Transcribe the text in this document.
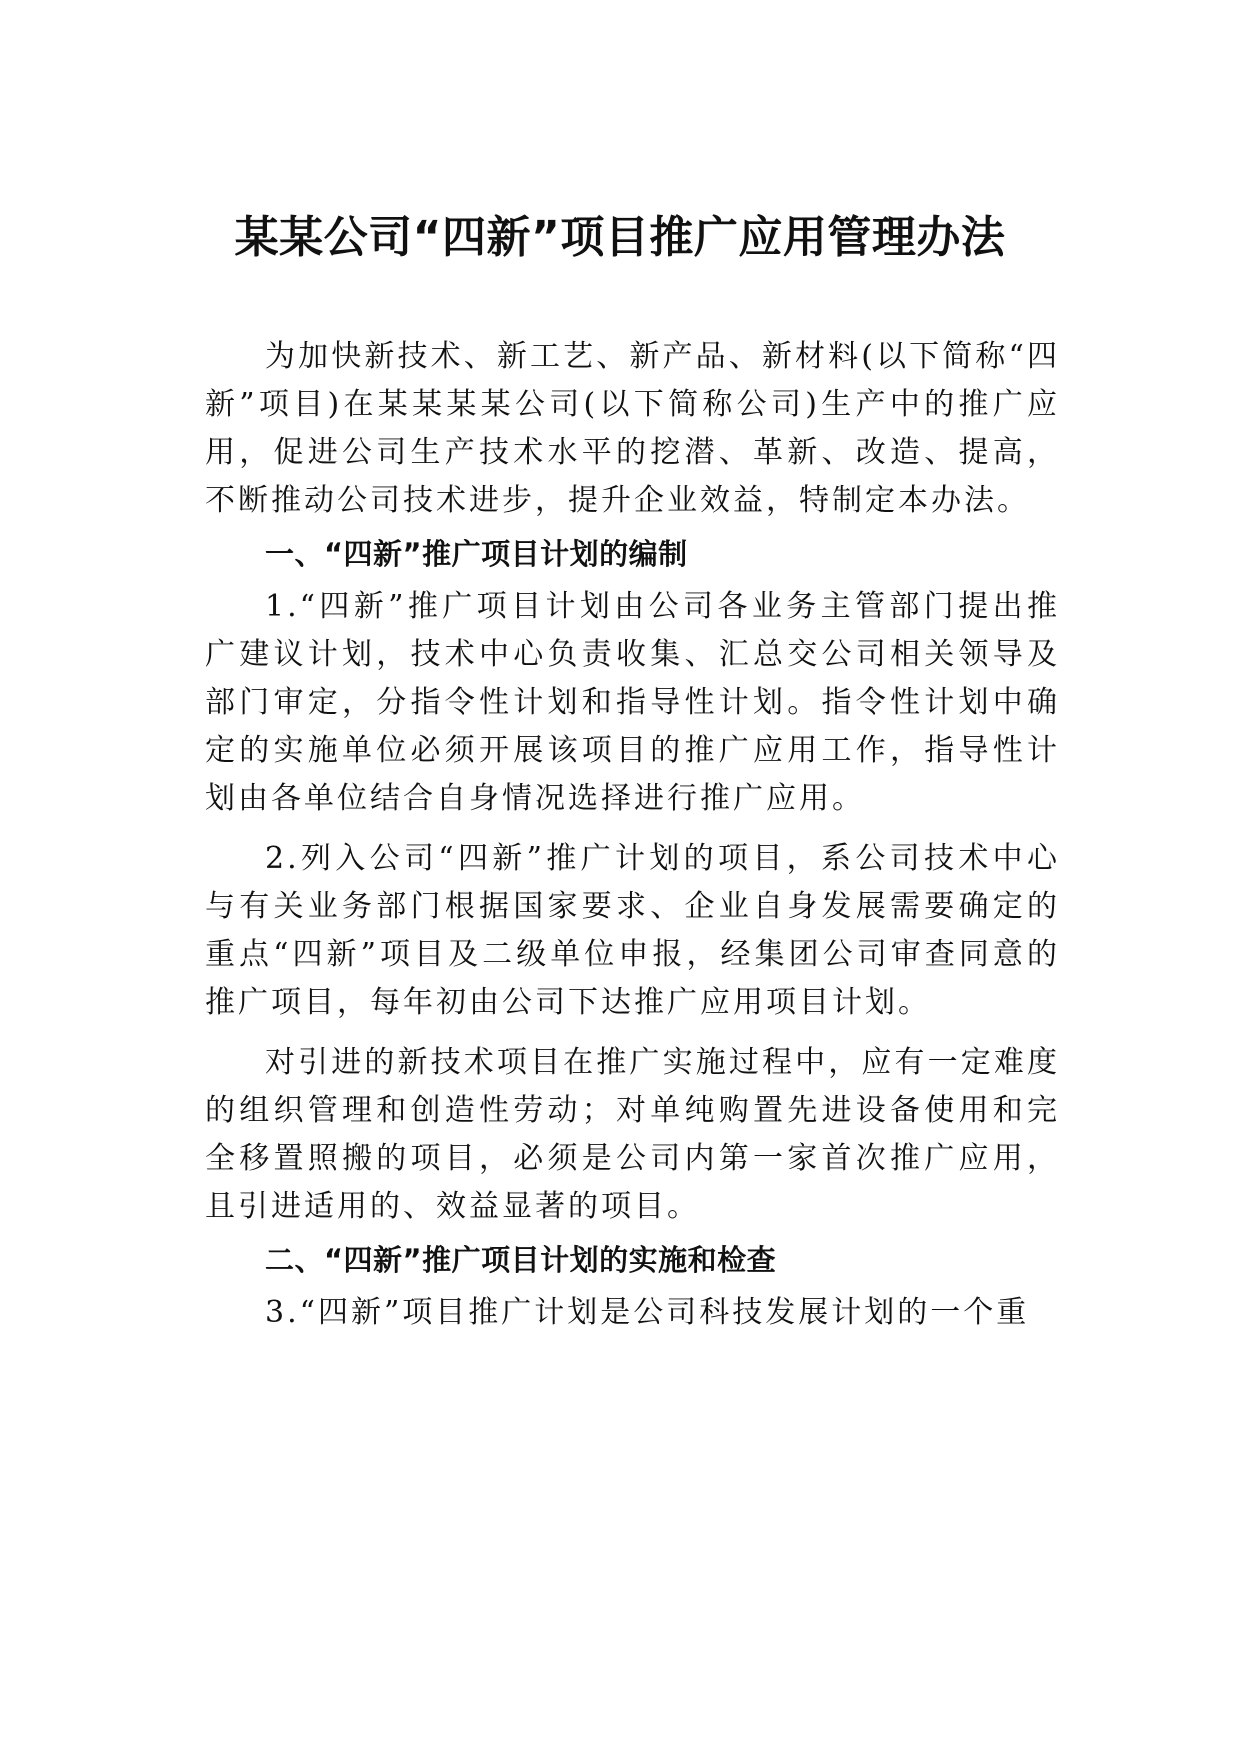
某某公司“四新”项目推广应用管理办法

为加快新技术、新工艺、新产品、新材料(以下简称“四新”项目)在某某某某公司(以下简称公司)生产中的推广应用，促进公司生产技术水平的挖潜、革新、改造、提高，不断推动公司技术进步，提升企业效益，特制定本办法。

一、“四新”推广项目计划的编制

1.“四新”推广项目计划由公司各业务主管部门提出推广建议计划，技术中心负责收集、汇总交公司相关领导及部门审定，分指令性计划和指导性计划。指令性计划中确定的实施单位必须开展该项目的推广应用工作，指导性计划由各单位结合自身情况选择进行推广应用。

2.列入公司“四新”推广计划的项目，系公司技术中心与有关业务部门根据国家要求、企业自身发展需要确定的重点“四新”项目及二级单位申报，经集团公司审查同意的推广项目，每年初由公司下达推广应用项目计划。

对引进的新技术项目在推广实施过程中，应有一定难度的组织管理和创造性劳动；对单纯购置先进设备使用和完全移置照搬的项目，必须是公司内第一家首次推广应用，且引进适用的、效益显著的项目。

二、“四新”推广项目计划的实施和检查

3.“四新”项目推广计划是公司科技发展计划的一个重
